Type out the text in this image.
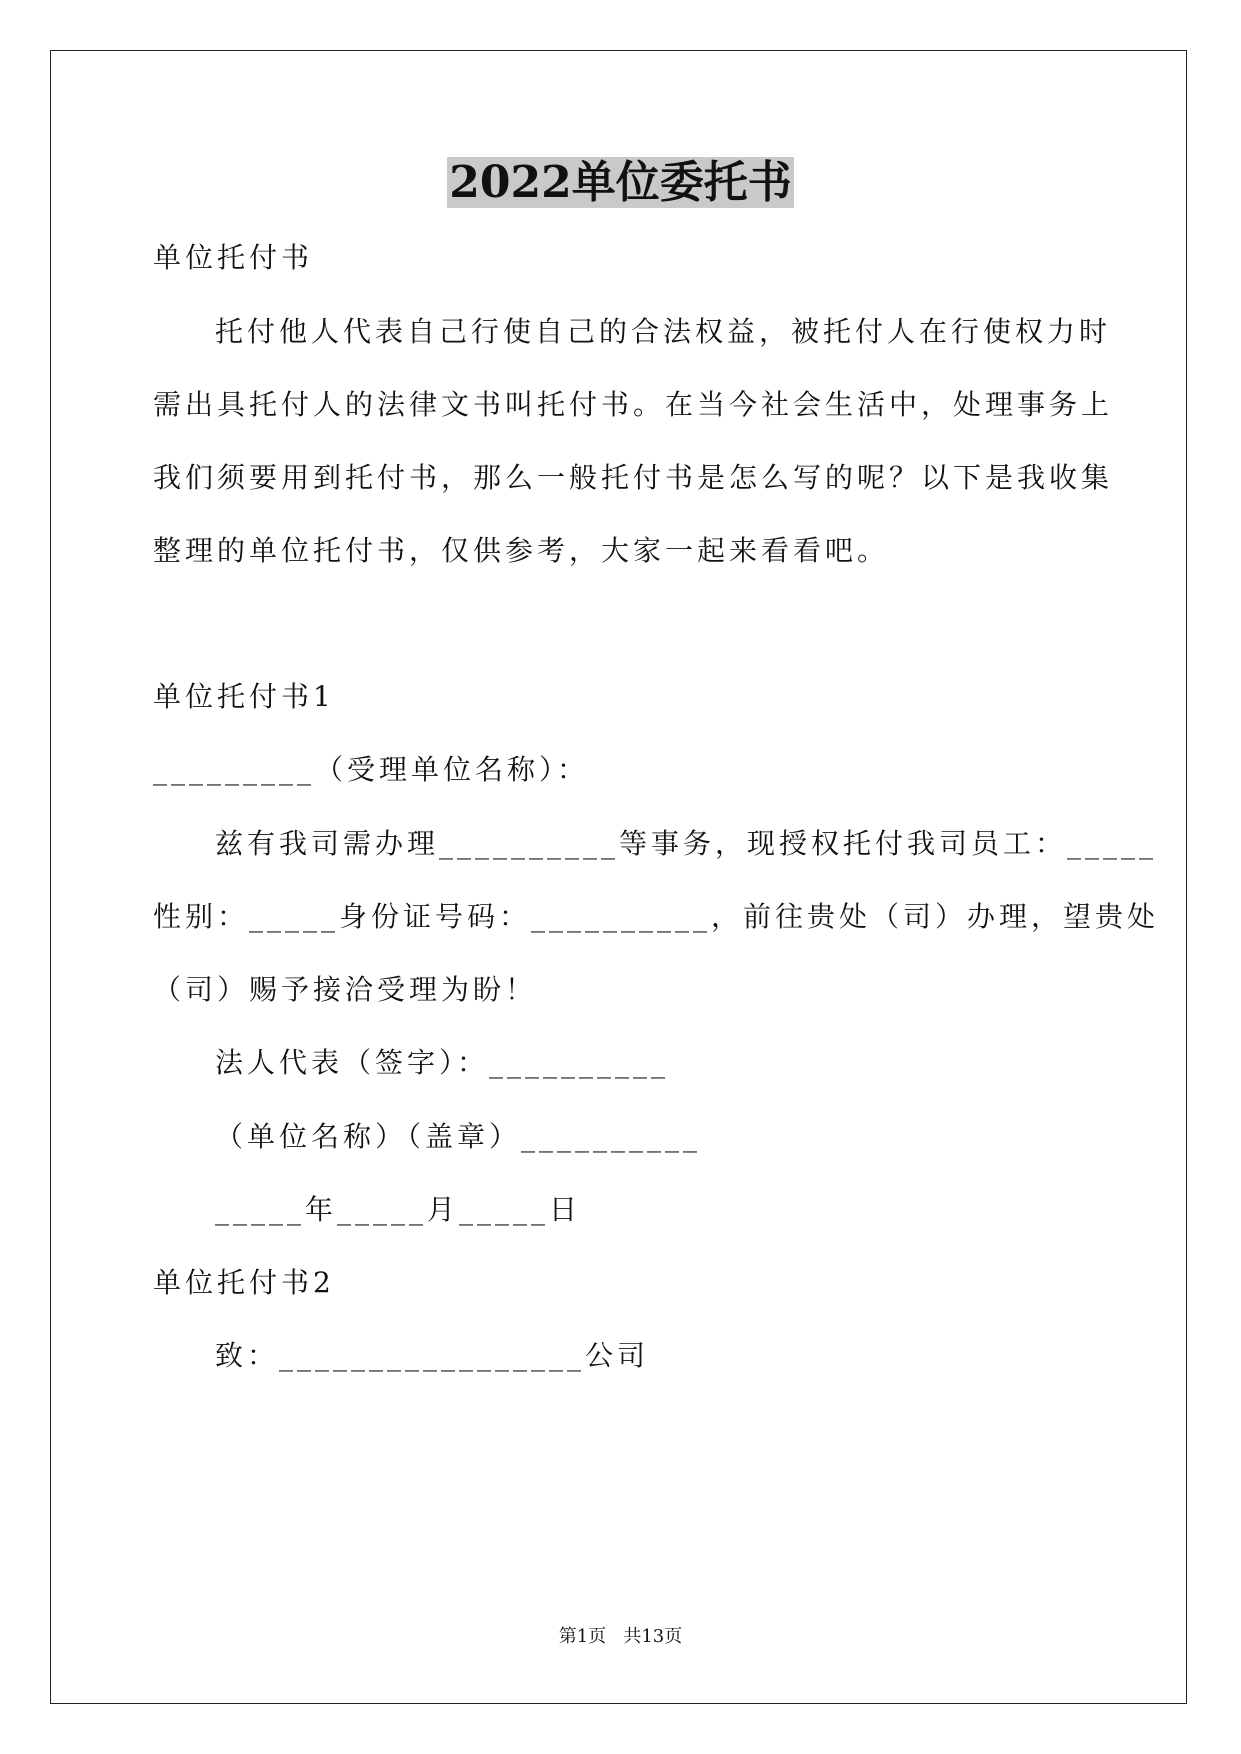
2022单位委托书
单位托付书
托付他人代表自己行使自己的合法权益，被托付人在行使权力时
需出具托付人的法律文书叫托付书。在当今社会生活中，处理事务上
我们须要用到托付书，那么一般托付书是怎么写的呢？以下是我收集
整理的单位托付书，仅供参考，大家一起来看看吧。
单位托付书1
_________（受理单位名称）：
兹有我司需办理__________等事务，现授权托付我司员工：_____
性别：_____身份证号码：__________，前往贵处（司）办理，望贵处
（司）赐予接洽受理为盼！
法人代表（签字）：__________
（单位名称）（盖章）__________
_____年_____月_____日
单位托付书2
致：_________________公司
第1页   共13页
